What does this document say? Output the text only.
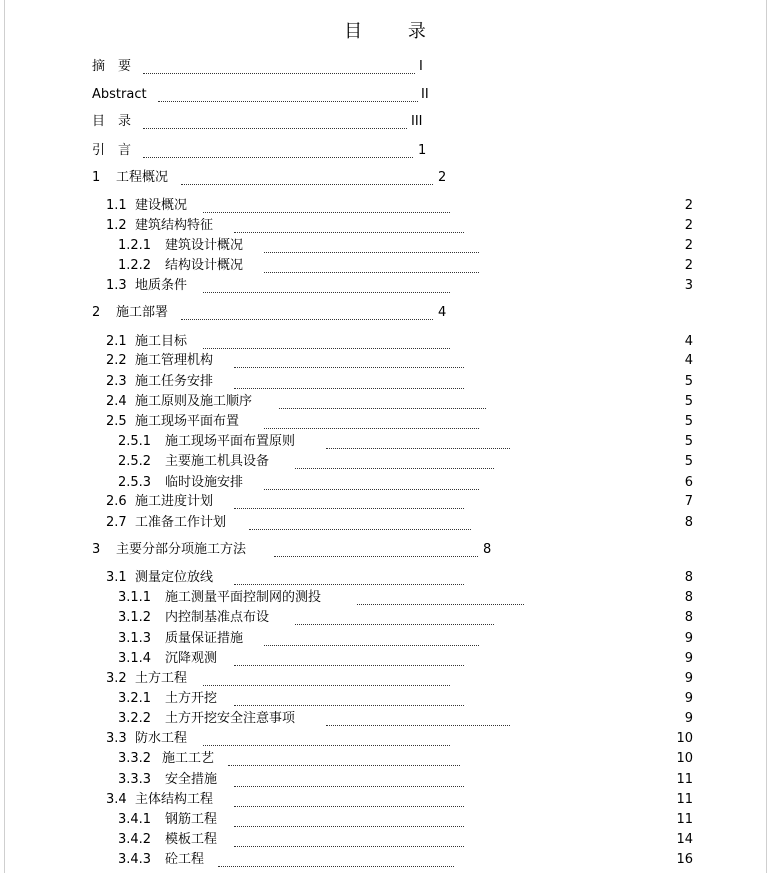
目 录
摘　要	I
Abstract	II
目　录	III
引　言	1
1 工程概况	2
1.1 建设概况	2
1.2 建筑结构特征	2
1.2.1 建筑设计概况	2
1.2.2 结构设计概况	2
1.3 地质条件	3
2 施工部署	4
2.1 施工目标	4
2.2 施工管理机构	4
2.3 施工任务安排	5
2.4 施工原则及施工顺序	5
2.5 施工现场平面布置	5
2.5.1 施工现场平面布置原则	5
2.5.2 主要施工机具设备	5
2.5.3 临时设施安排	6
2.6 施工进度计划	7
2.7 工准备工作计划	8
3 主要分部分项施工方法	8
3.1 测量定位放线	8
3.1.1 施工测量平面控制网的测投	8
3.1.2 内控制基准点布设	8
3.1.3 质量保证措施	9
3.1.4 沉降观测	9
3.2 土方工程	9
3.2.1 土方开挖	9
3.2.2 土方开挖安全注意事项	9
3.3 防水工程	10
3.3.2 施工工艺	10
3.3.3 安全措施	11
3.4 主体结构工程	11
3.4.1 钢筋工程	11
3.4.2 模板工程	14
3.4.3 砼工程	16
